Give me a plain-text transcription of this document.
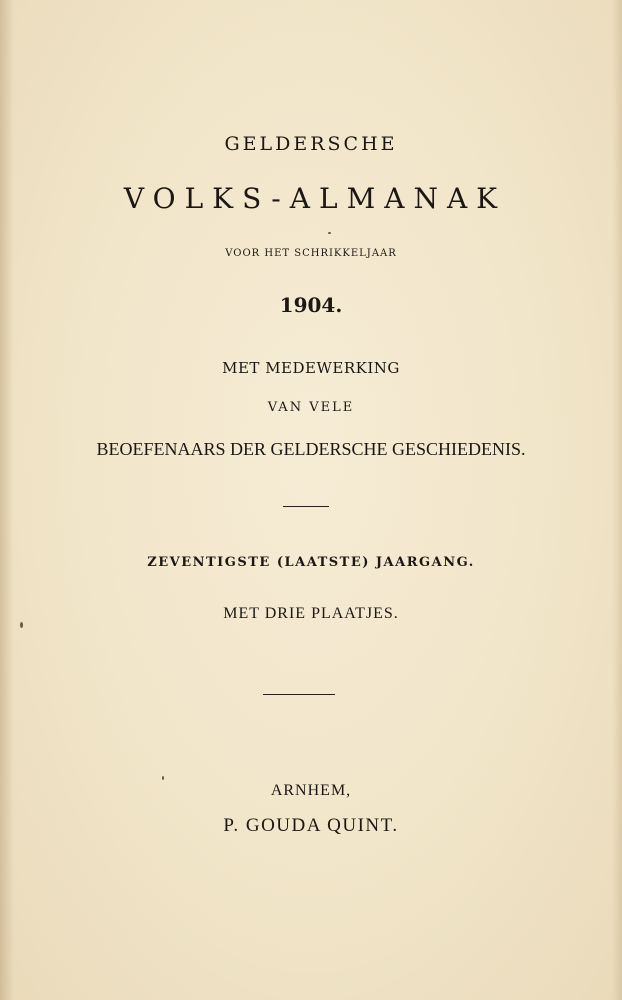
GELDERSCHE
VOLKS-ALMANAK
VOOR HET SCHRIKKELJAAR
1904.
MET MEDEWERKING
VAN VELE
BEOEFENAARS DER GELDERSCHE GESCHIEDENIS.
ZEVENTIGSTE (LAATSTE) JAARGANG.
MET DRIE PLAATJES.
ARNHEM,
P. GOUDA QUINT.
